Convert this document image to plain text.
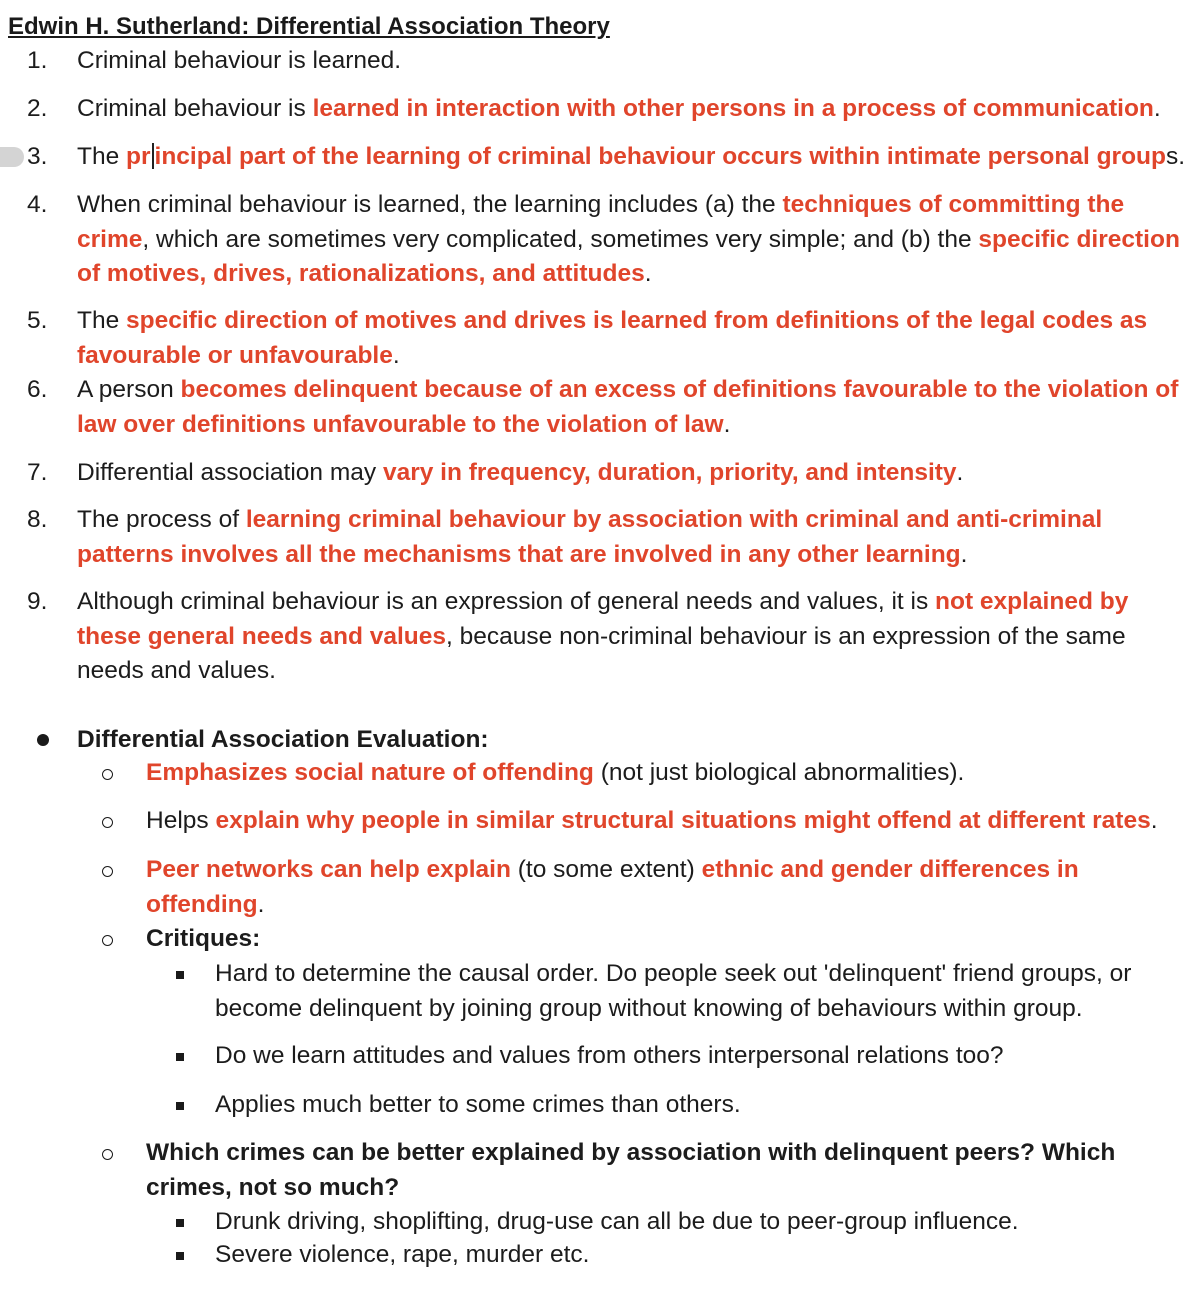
Edwin H. Sutherland: Differential Association Theory
1.	Criminal behaviour is learned.
2.	Criminal behaviour is learned in interaction with other persons in a process of communication.
3.	The pr incipal part of the learning of criminal behaviour occurs within intimate personal groups.
4.	When criminal behaviour is learned, the learning includes (a) the techniques of committing the crime, which are sometimes very complicated, sometimes very simple; and (b) the specific direction of motives, drives, rationalizations, and attitudes.
5.	The specific direction of motives and drives is learned from definitions of the legal codes as favourable or unfavourable.
6.	A person becomes delinquent because of an excess of definitions favourable to the violation of law over definitions unfavourable to the violation of law.
7.	Differential association may vary in frequency, duration, priority, and intensity.
8.	The process of learning criminal behaviour by association with criminal and anti-criminal patterns involves all the mechanisms that are involved in any other learning.
9.	Although criminal behaviour is an expression of general needs and values, it is not explained by these general needs and values, because non-criminal behaviour is an expression of the same needs and values.
Differential Association Evaluation:
Emphasizes social nature of offending (not just biological abnormalities).
Helps explain why people in similar structural situations might offend at different rates.
Peer networks can help explain (to some extent) ethnic and gender differences in offending.
Critiques:
Hard to determine the causal order. Do people seek out 'delinquent' friend groups, or become delinquent by joining group without knowing of behaviours within group.
Do we learn attitudes and values from others interpersonal relations too?
Applies much better to some crimes than others.
Which crimes can be better explained by association with delinquent peers? Which crimes, not so much?
Drunk driving, shoplifting, drug-use can all be due to peer-group influence.
Severe violence, rape, murder etc.
